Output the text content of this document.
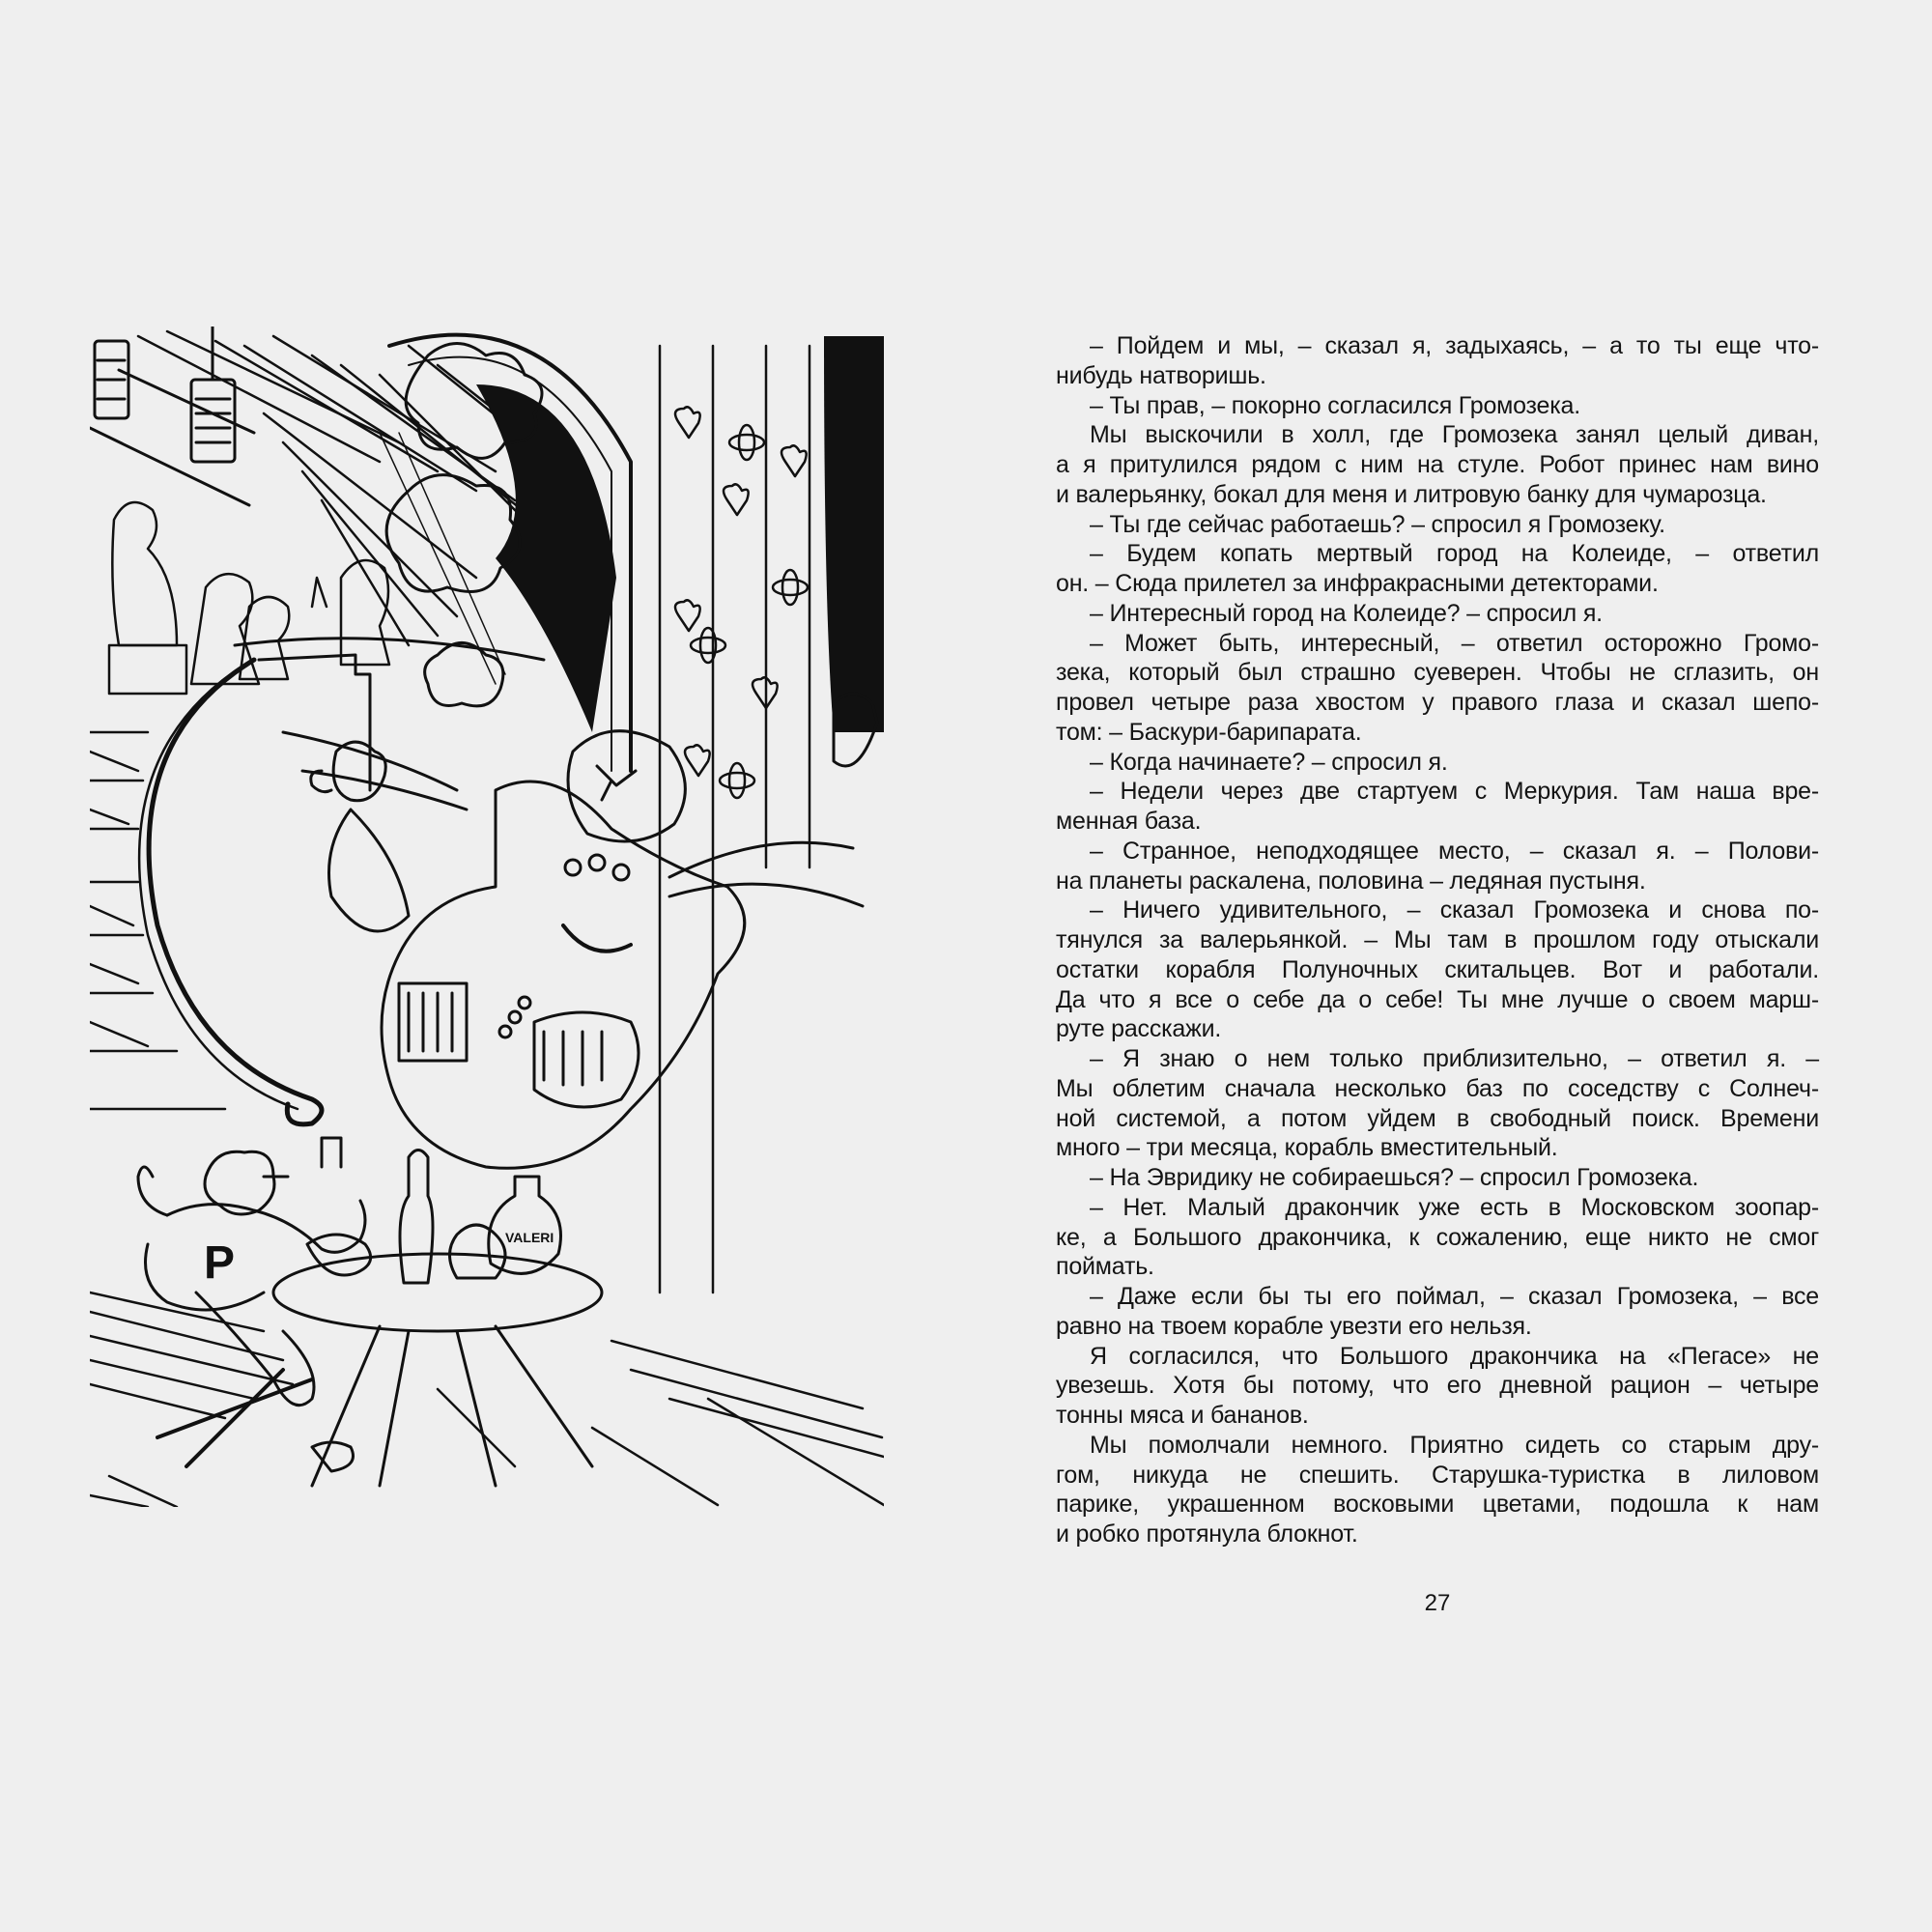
VALERI
P
– Пойдем и мы, – сказал я, задыхаясь, – а то ты еще что-
нибудь натворишь.
– Ты прав, – покорно согласился Громозека.
Мы выскочили в холл, где Громозека занял целый диван,
а я притулился рядом с ним на стуле. Робот принес нам вино
и валерьянку, бокал для меня и литровую банку для чумарозца.
– Ты где сейчас работаешь? – спросил я Громозеку.
– Будем копать мертвый город на Колеиде, – ответил
он. – Сюда прилетел за инфракрасными детекторами.
– Интересный город на Колеиде? – спросил я.
– Может быть, интересный, – ответил осторожно Громо-
зека, который был страшно суеверен. Чтобы не сглазить, он
провел четыре раза хвостом у правого глаза и сказал шепо-
том: – Баскури-барипарата.
– Когда начинаете? – спросил я.
– Недели через две стартуем с Меркурия. Там наша вре-
менная база.
– Странное, неподходящее место, – сказал я. – Полови-
на планеты раскалена, половина – ледяная пустыня.
– Ничего удивительного, – сказал Громозека и снова по-
тянулся за валерьянкой. – Мы там в прошлом году отыскали
остатки корабля Полуночных скитальцев. Вот и работали.
Да что я все о себе да о себе! Ты мне лучше о своем марш-
руте расскажи.
– Я знаю о нем только приблизительно, – ответил я. –
Мы облетим сначала несколько баз по соседству с Солнеч-
ной системой, а потом уйдем в свободный поиск. Времени
много – три месяца, корабль вместительный.
– На Эвридику не собираешься? – спросил Громозека.
– Нет. Малый дракончик уже есть в Московском зоопар-
ке, а Большого дракончика, к сожалению, еще никто не смог
поймать.
– Даже если бы ты его поймал, – сказал Громозека, – все
равно на твоем корабле увезти его нельзя.
Я согласился, что Большого дракончика на «Пегасе» не
увезешь. Хотя бы потому, что его дневной рацион – четыре
тонны мяса и бананов.
Мы помолчали немного. Приятно сидеть со старым дру-
гом, никуда не спешить. Старушка-туристка в лиловом
парике, украшенном восковыми цветами, подошла к нам
и робко протянула блокнот.
27
